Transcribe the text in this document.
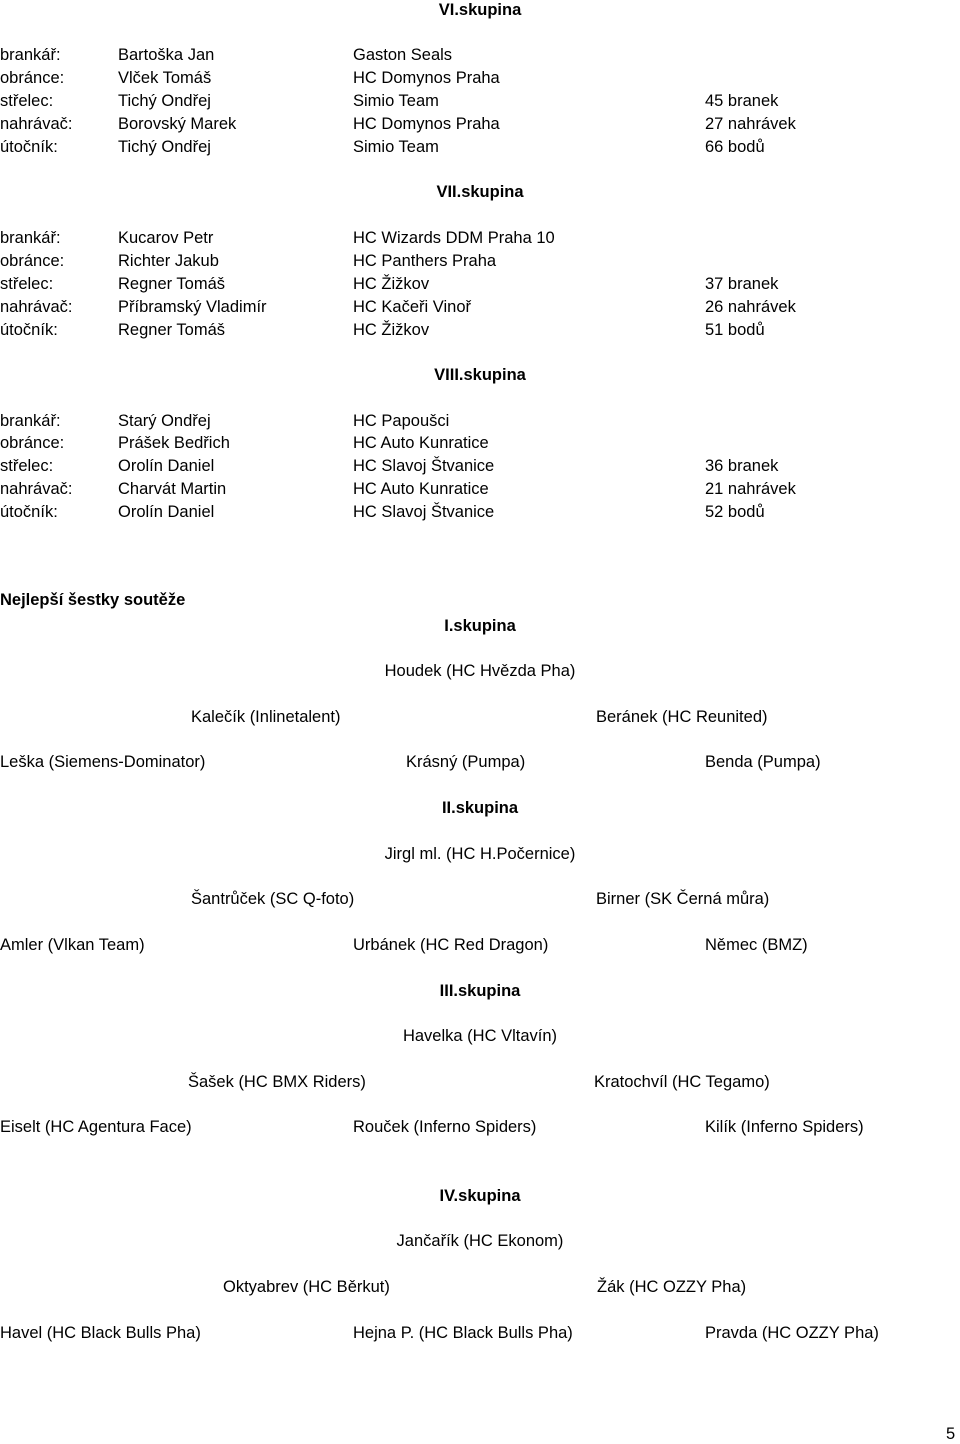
VI.skupina
brankář:	Bartoška Jan	Gaston Seals
obránce:	Vlček Tomáš	HC Domynos Praha
střelec:	Tichý Ondřej	Simio Team	45 branek
nahrávač:	Borovský Marek	HC Domynos Praha	27 nahrávek
útočník:	Tichý Ondřej	Simio Team	66 bodů
VII.skupina
brankář:	Kucarov Petr	HC Wizards DDM Praha 10
obránce:	Richter Jakub	HC Panthers Praha
střelec:	Regner Tomáš	HC Žižkov	37 branek
nahrávač:	Příbramský Vladimír	HC Kačeři Vinoř	26 nahrávek
útočník:	Regner Tomáš	HC Žižkov	51 bodů
VIII.skupina
brankář:	Starý Ondřej	HC Papoušci
obránce:	Prášek Bedřich	HC Auto Kunratice
střelec:	Orolín Daniel	HC Slavoj Štvanice	36 branek
nahrávač:	Charvát Martin	HC Auto Kunratice	21 nahrávek
útočník:	Orolín Daniel	HC Slavoj Štvanice	52 bodů
Nejlepší šestky soutěže
I.skupina
Houdek (HC Hvězda Pha)
Kalečík (Inlinetalent)	Beránek (HC Reunited)
Leška (Siemens-Dominator)	Krásný (Pumpa)	Benda (Pumpa)
II.skupina
Jirgl ml. (HC H.Počernice)
Šantrůček (SC Q-foto)	Birner (SK Černá můra)
Amler (Vlkan Team)	Urbánek (HC Red Dragon)	Němec (BMZ)
III.skupina
Havelka (HC Vltavín)
Šašek (HC BMX Riders)	Kratochvíl (HC Tegamo)
Eiselt (HC Agentura Face)	Rouček (Inferno Spiders)	Kilík (Inferno Spiders)
IV.skupina
Jančařík (HC Ekonom)
Oktyabrev (HC Běrkut)	Žák (HC OZZY Pha)
Havel (HC Black Bulls Pha)	Hejna P. (HC Black Bulls Pha)	Pravda (HC OZZY Pha)
5
